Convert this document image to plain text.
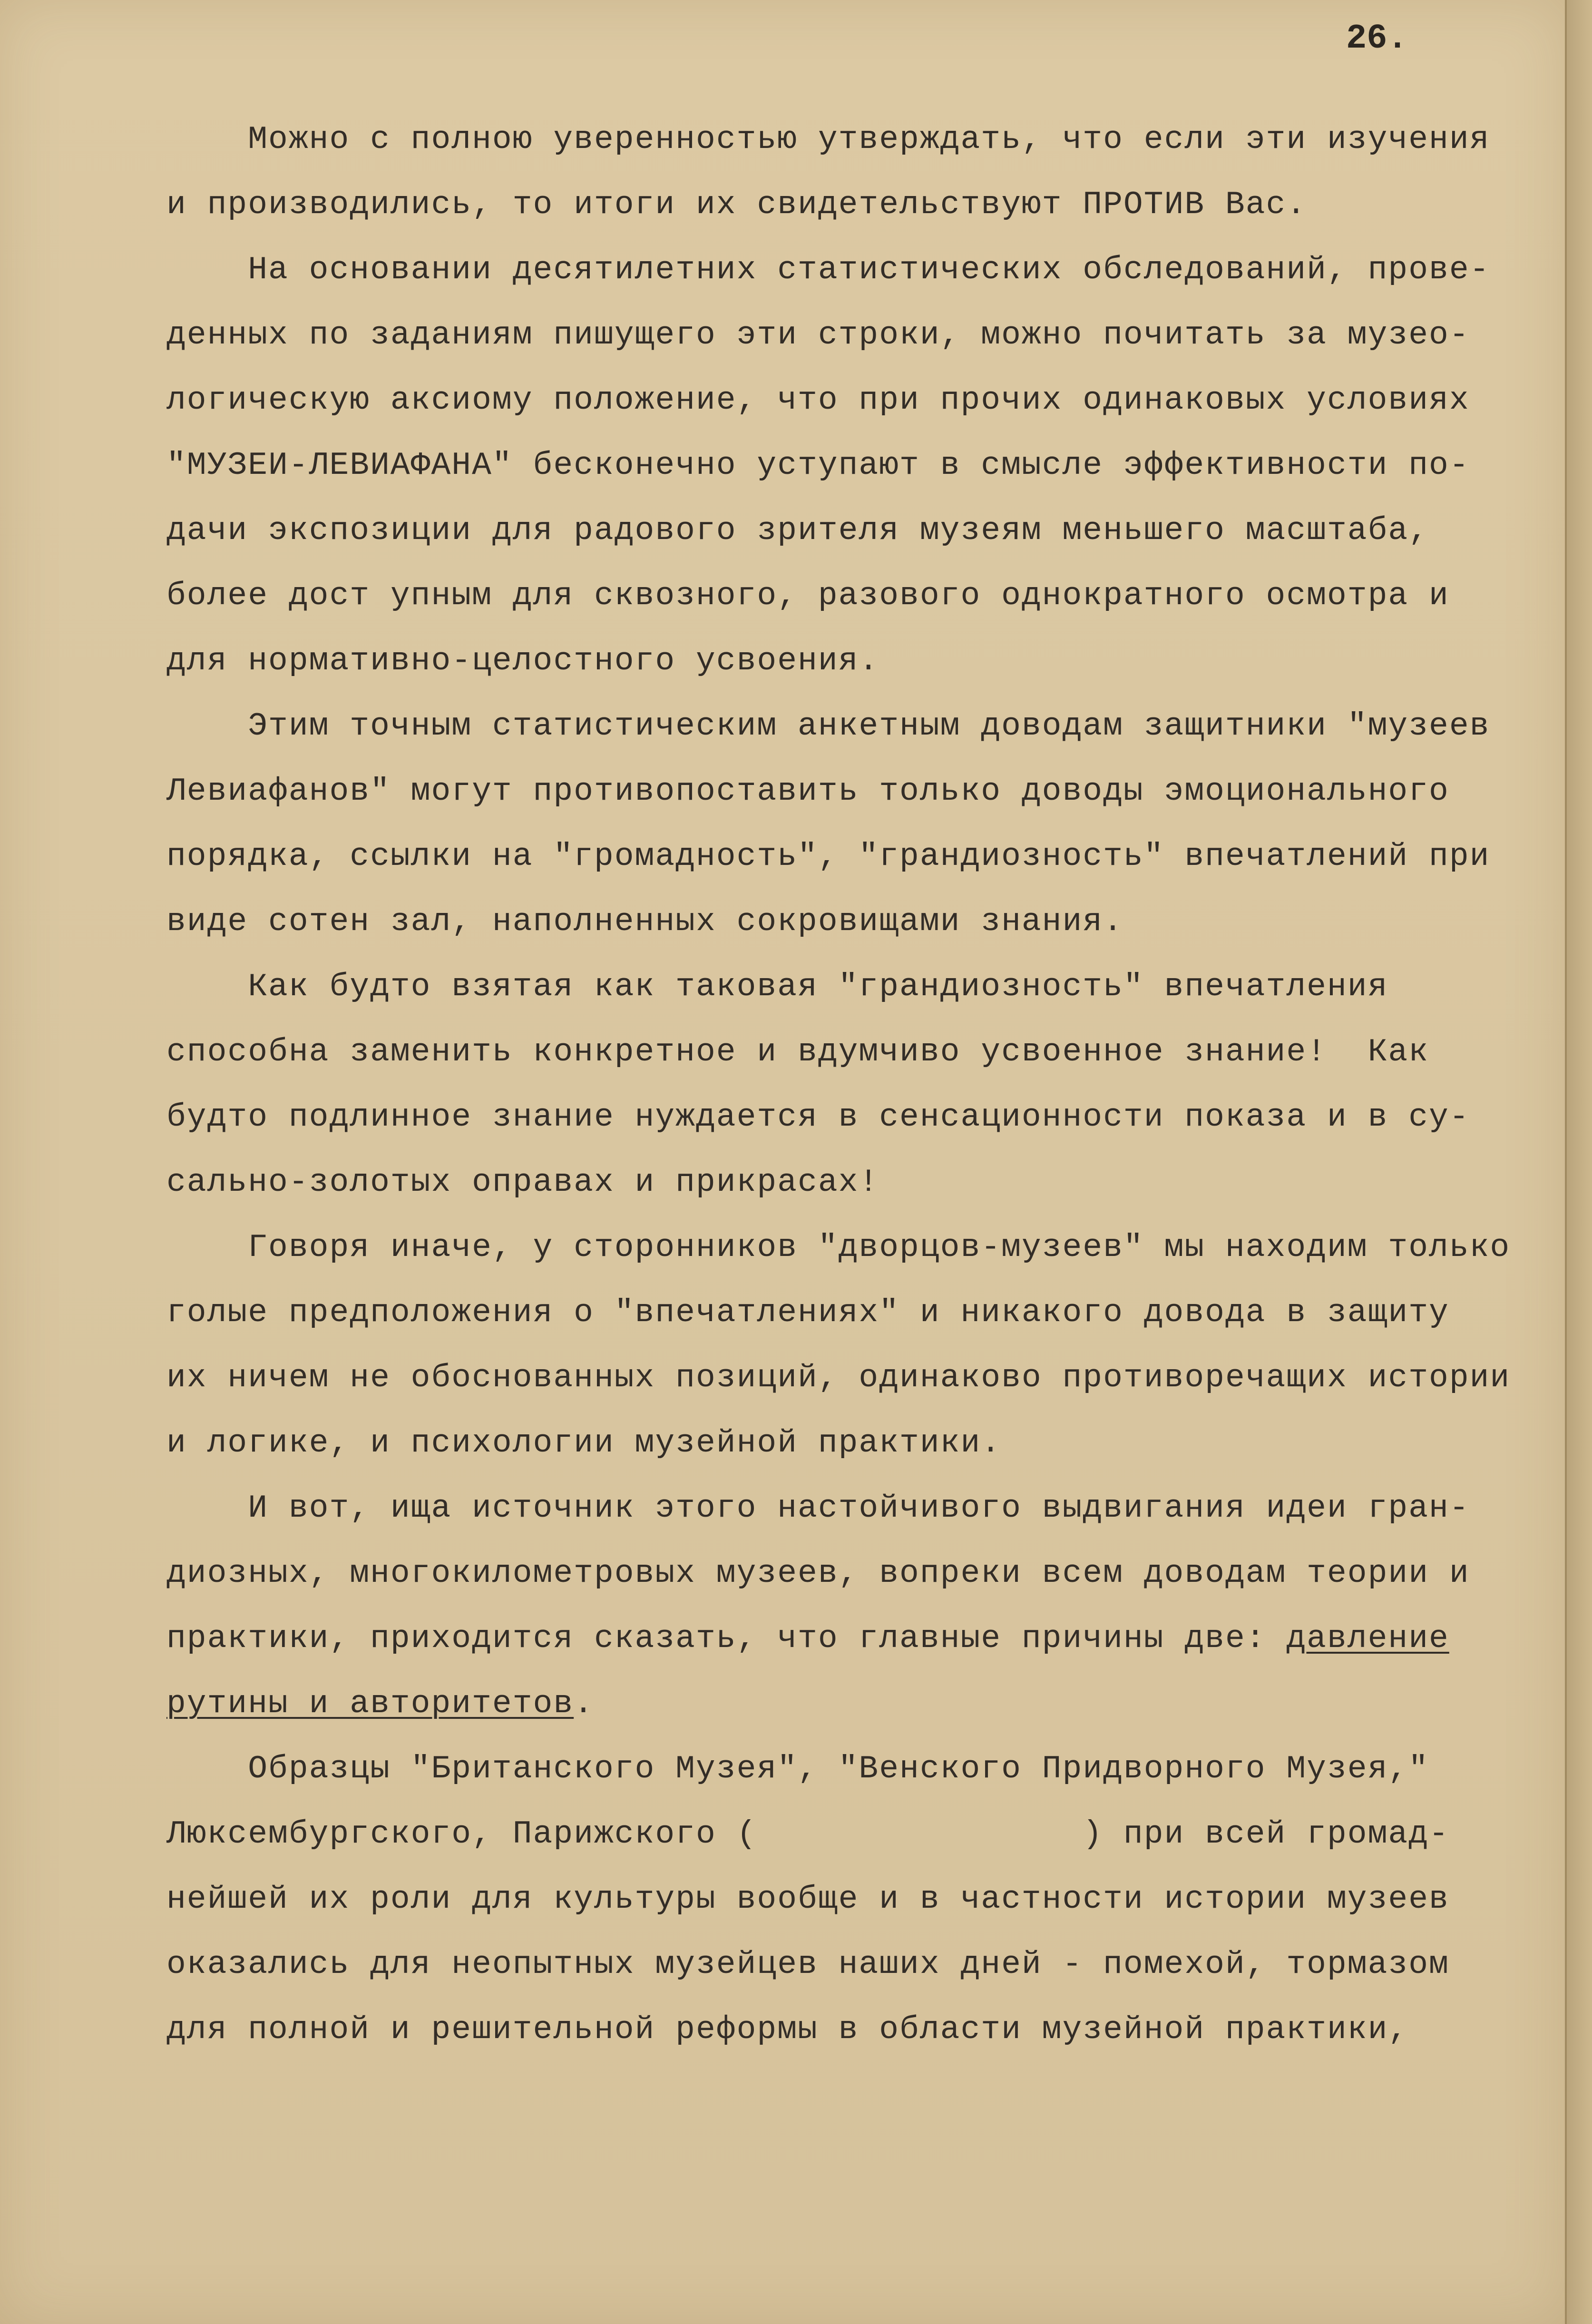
26.

Можно с полною уверенностью утверждать, что если эти изучения
и производились, то итоги их свидетельствуют ПРОТИВ Вас.
На основании десятилетних статистических обследований, прове-
денных по заданиям пишущего эти строки, можно почитать за музео-
логическую аксиому положение, что при прочих одинаковых условиях
"МУЗЕИ-ЛЕВИАФАНА" бесконечно уступают в смысле эффективности по-
дачи экспозиции для радового зрителя музеям меньшего масштаба,
более дост упным для сквозного, разового однократного осмотра и
для нормативно-целостного усвоения.
Этим точным статистическим анкетным доводам защитники "музеев
Левиафанов" могут противопоставить только доводы эмоционального
порядка, ссылки на "громадность", "грандиозность" впечатлений при
виде сотен зал, наполненных сокровищами знания.
Как будто взятая как таковая "грандиозность" впечатления
способна заменить конкретное и вдумчиво усвоенное знание!  Как
будто подлинное знание нуждается в сенсационности показа и в су-
сально-золотых оправах и прикрасах!
Говоря иначе, у сторонников "дворцов-музеев" мы находим только
голые предположения о "впечатлениях" и никакого довода в защиту
их ничем не обоснованных позиций, одинаково противоречащих истории
и логике, и психологии музейной практики.
И вот, ища источник этого настойчивого выдвигания идеи гран-
диозных, многокилометровых музеев, вопреки всем доводам теории и
практики, приходится сказать, что главные причины две: давление
рутины и авторитетов.
Образцы "Британского Музея", "Венского Придворного Музея,"
Люксембургского, Парижского (                ) при всей громад-
нейшей их роли для культуры вообще и в частности истории музеев
оказались для неопытных музейцев наших дней - помехой, тормазом
для полной и решительной реформы в области музейной практики,
